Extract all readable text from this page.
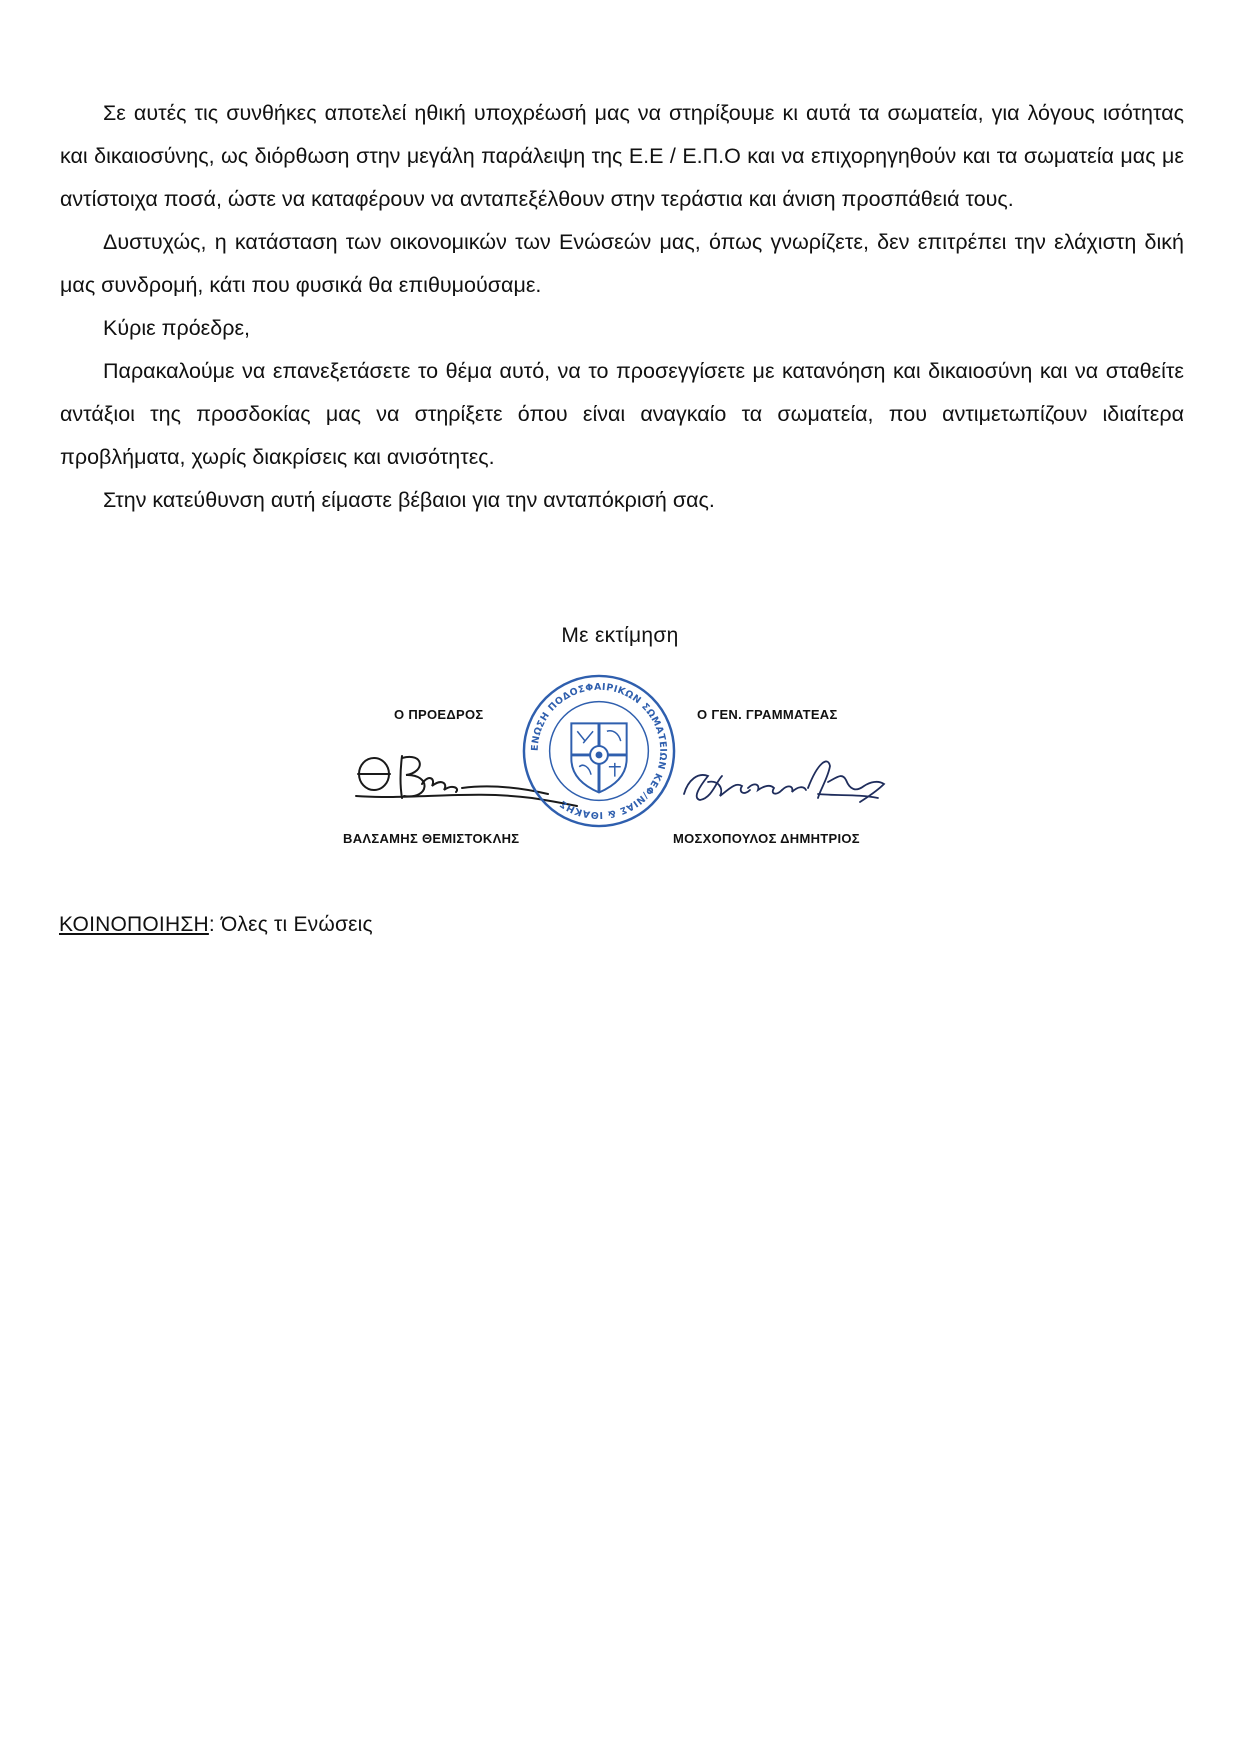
Σε αυτές τις συνθήκες αποτελεί ηθική υποχρέωσή μας να στηρίξουμε κι αυτά τα σωματεία, για λόγους ισότητας και δικαιοσύνης, ως διόρθωση στην μεγάλη παράλειψη της Ε.Ε / Ε.Π.Ο και να επιχορηγηθούν και τα σωματεία μας με αντίστοιχα ποσά, ώστε να καταφέρουν να ανταπεξέλθουν στην τεράστια και άνιση προσπάθειά τους.

Δυστυχώς, η κατάσταση των οικονομικών των Ενώσεών μας, όπως γνωρίζετε, δεν επιτρέπει την ελάχιστη δική μας συνδρομή, κάτι που φυσικά θα επιθυμούσαμε.

Κύριε πρόεδρε,

Παρακαλούμε να επανεξετάσετε το θέμα αυτό, να το προσεγγίσετε με κατανόηση και δικαιοσύνη και να σταθείτε αντάξιοι της προσδοκίας μας να στηρίξετε όπου είναι αναγκαίο τα σωματεία, που αντιμετωπίζουν ιδιαίτερα προβλήματα, χωρίς διακρίσεις και ανισότητες.

Στην κατεύθυνση αυτή είμαστε βέβαιοι για την ανταπόκρισή σας.

Με εκτίμηση
Ο ΠΡΟΕΔΡΟΣ	Ο ΓΕΝ. ΓΡΑΜΜΑΤΕΑΣ
ΒΑΛΣΑΜΗΣ ΘΕΜΙΣΤΟΚΛΗΣ	ΜΟΣΧΟΠΟΥΛΟΣ ΔΗΜΗΤΡΙΟΣ
ΕΝΩΣΗ ΠΟΔΟΣΦΑΙΡΙΚΩΝ ΣΩΜΑΤΕΙΩΝ ΚΕΦ/ΝΙΑΣ & ΙΘΑΚΗΣ
ΚΟΙΝΟΠΟΙΗΣΗ: Όλες τι Ενώσεις
